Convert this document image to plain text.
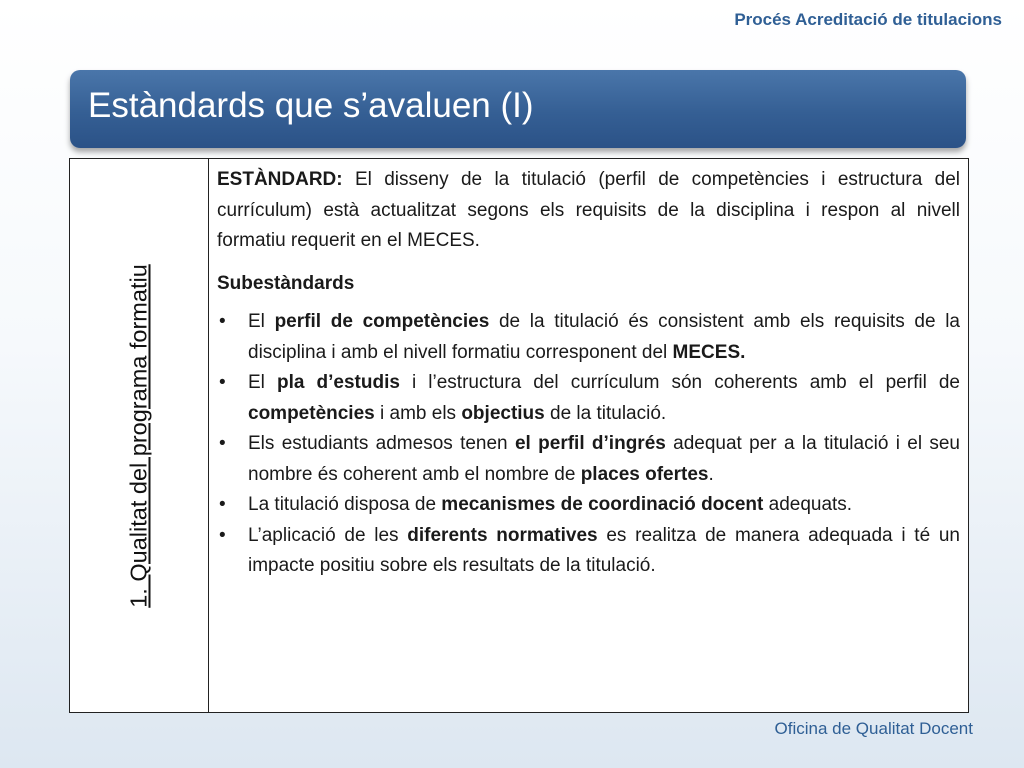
Procés Acreditació de titulacions
Estàndards que s’avaluen (I)
1. Qualitat del programa formatiu

ESTÀNDARD: El disseny de la titulació (perfil de competències i estructura del currículum) està actualitzat segons els requisits de la disciplina i respon al nivell formatiu requerit en el MECES.

Subestàndards

• El perfil de competències de la titulació és consistent amb els requisits de la disciplina i amb el nivell formatiu corresponent del MECES.
• El pla d’estudis i l’estructura del currículum són coherents amb el perfil de competències i amb els objectius de la titulació.
• Els estudiants admesos tenen el perfil d’ingrés adequat per a la titulació i el seu nombre és coherent amb el nombre de places ofertes.
• La titulació disposa de mecanismes de coordinació docent adequats.
• L’aplicació de les diferents normatives es realitza de manera adequada i té un impacte positiu sobre els resultats de la titulació.
Oficina de Qualitat Docent
